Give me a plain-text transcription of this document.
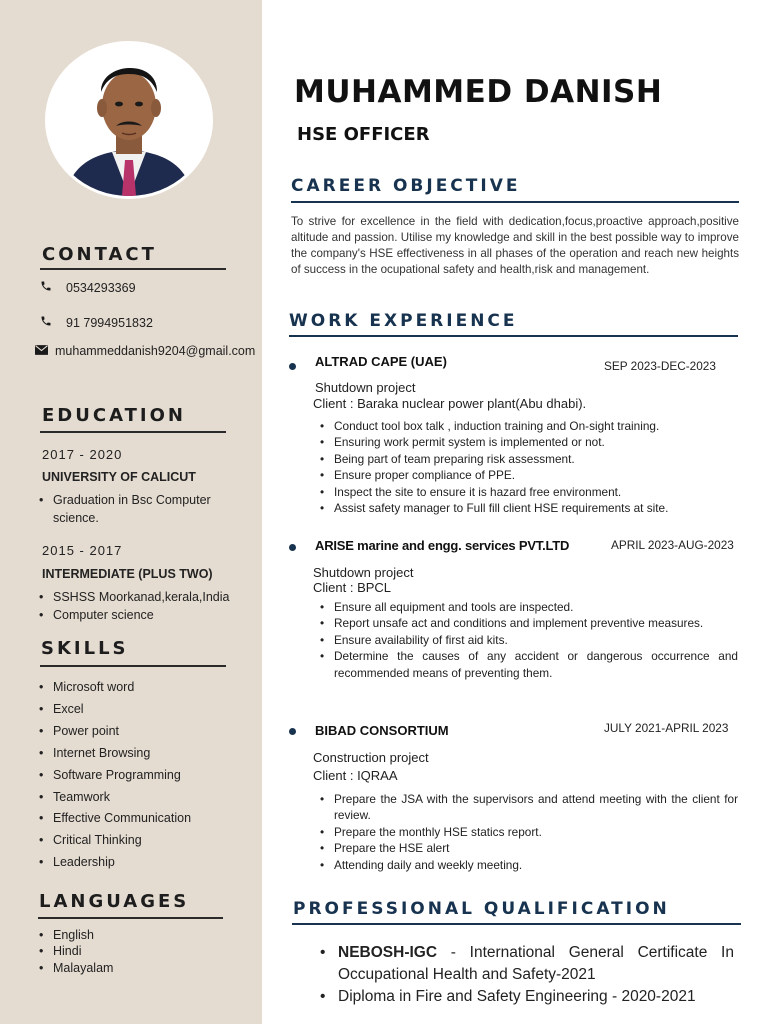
CONTACT
0534293369
91 7994951832
muhammeddanish9204@gmail.com
EDUCATION
2017 - 2020
UNIVERSITY OF CALICUT
• Graduation in Bsc Computer science.
2015 - 2017
INTERMEDIATE (PLUS TWO)
• SSHSS Moorkanad,kerala,India
• Computer science
SKILLS
• Microsoft word
• Excel
• Power point
• Internet Browsing
• Software Programming
• Teamwork
• Effective Communication
• Critical Thinking
• Leadership
LANGUAGES
• English
• Hindi
• Malayalam
MUHAMMED DANISH
HSE OFFICER
CAREER OBJECTIVE
To strive for excellence in the field with dedication,focus,proactive approach,positive altitude and passion. Utilise my knowledge and skill in the best possible way to improve the company's HSE effectiveness in all phases of the operation and reach new heights of success in the ocupational safety and health,risk and management.
WORK EXPERIENCE
ALTRAD CAPE (UAE)	SEP 2023-DEC-2023
Shutdown project
Client : Baraka nuclear power plant(Abu dhabi).
• Conduct tool box talk , induction training and On-sight training.
• Ensuring work permit system is implemented or not.
• Being part of team preparing risk assessment.
• Ensure proper compliance of PPE.
• Inspect the site to ensure it is hazard free environment.
• Assist safety manager to Full fill client HSE requirements at site.
ARISE marine and engg. services PVT.LTD	APRIL 2023-AUG-2023
Shutdown project
Client : BPCL
• Ensure all equipment and tools are inspected.
• Report unsafe act and conditions and implement preventive measures.
• Ensure availability of first aid kits.
• Determine the causes of any accident or dangerous occurrence and recommended means of preventing them.
BIBAD CONSORTIUM	JULY 2021-APRIL 2023
Construction project
Client : IQRAA
• Prepare the JSA with the supervisors and attend meeting with the client for review.
• Prepare the monthly HSE statics report.
• Prepare the HSE alert
• Attending daily and weekly meeting.
PROFESSIONAL QUALIFICATION
• NEBOSH-IGC - International General Certificate In Occupational Health and Safety-2021
• Diploma in Fire and Safety Engineering - 2020-2021
